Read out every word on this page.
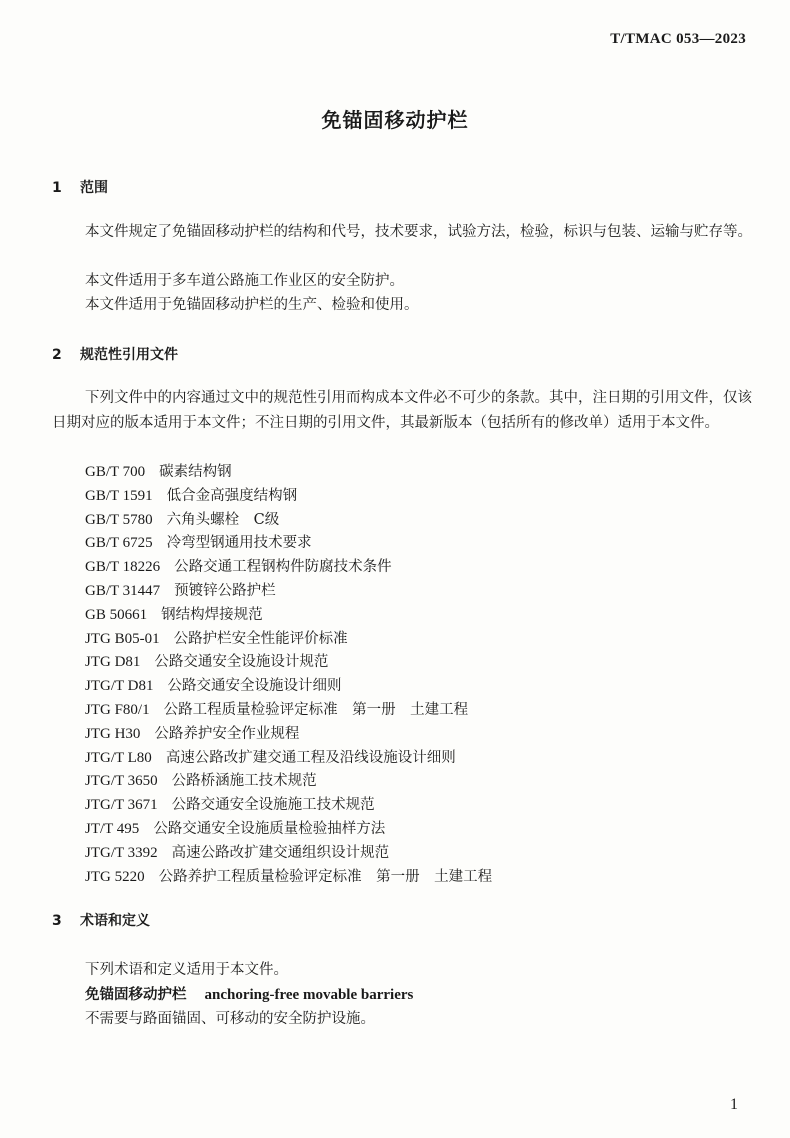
T/TMAC 053—2023
免锚固移动护栏
1 范围
本文件规定了免锚固移动护栏的结构和代号，技术要求，试验方法，检验，标识与包装、运输与贮存等。
本文件适用于多车道公路施工作业区的安全防护。
本文件适用于免锚固移动护栏的生产、检验和使用。
2 规范性引用文件
下列文件中的内容通过文中的规范性引用而构成本文件必不可少的条款。其中，注日期的引用文件，仅该日期对应的版本适用于本文件；不注日期的引用文件，其最新版本（包括所有的修改单）适用于本文件。
GB/T 700 碳素结构钢
GB/T 1591 低合金高强度结构钢
GB/T 5780 六角头螺栓　C级
GB/T 6725 冷弯型钢通用技术要求
GB/T 18226 公路交通工程钢构件防腐技术条件
GB/T 31447 预镀锌公路护栏
GB 50661 钢结构焊接规范
JTG B05-01 公路护栏安全性能评价标准
JTG D81 公路交通安全设施设计规范
JTG/T D81 公路交通安全设施设计细则
JTG F80/1 公路工程质量检验评定标准　第一册　土建工程
JTG H30 公路养护安全作业规程
JTG/T L80 高速公路改扩建交通工程及沿线设施设计细则
JTG/T 3650 公路桥涵施工技术规范
JTG/T 3671 公路交通安全设施施工技术规范
JT/T 495 公路交通安全设施质量检验抽样方法
JTG/T 3392 高速公路改扩建交通组织设计规范
JTG 5220 公路养护工程质量检验评定标准　第一册　土建工程
3 术语和定义
下列术语和定义适用于本文件。
免锚固移动护栏 anchoring-free movable barriers
不需要与路面锚固、可移动的安全防护设施。
1
